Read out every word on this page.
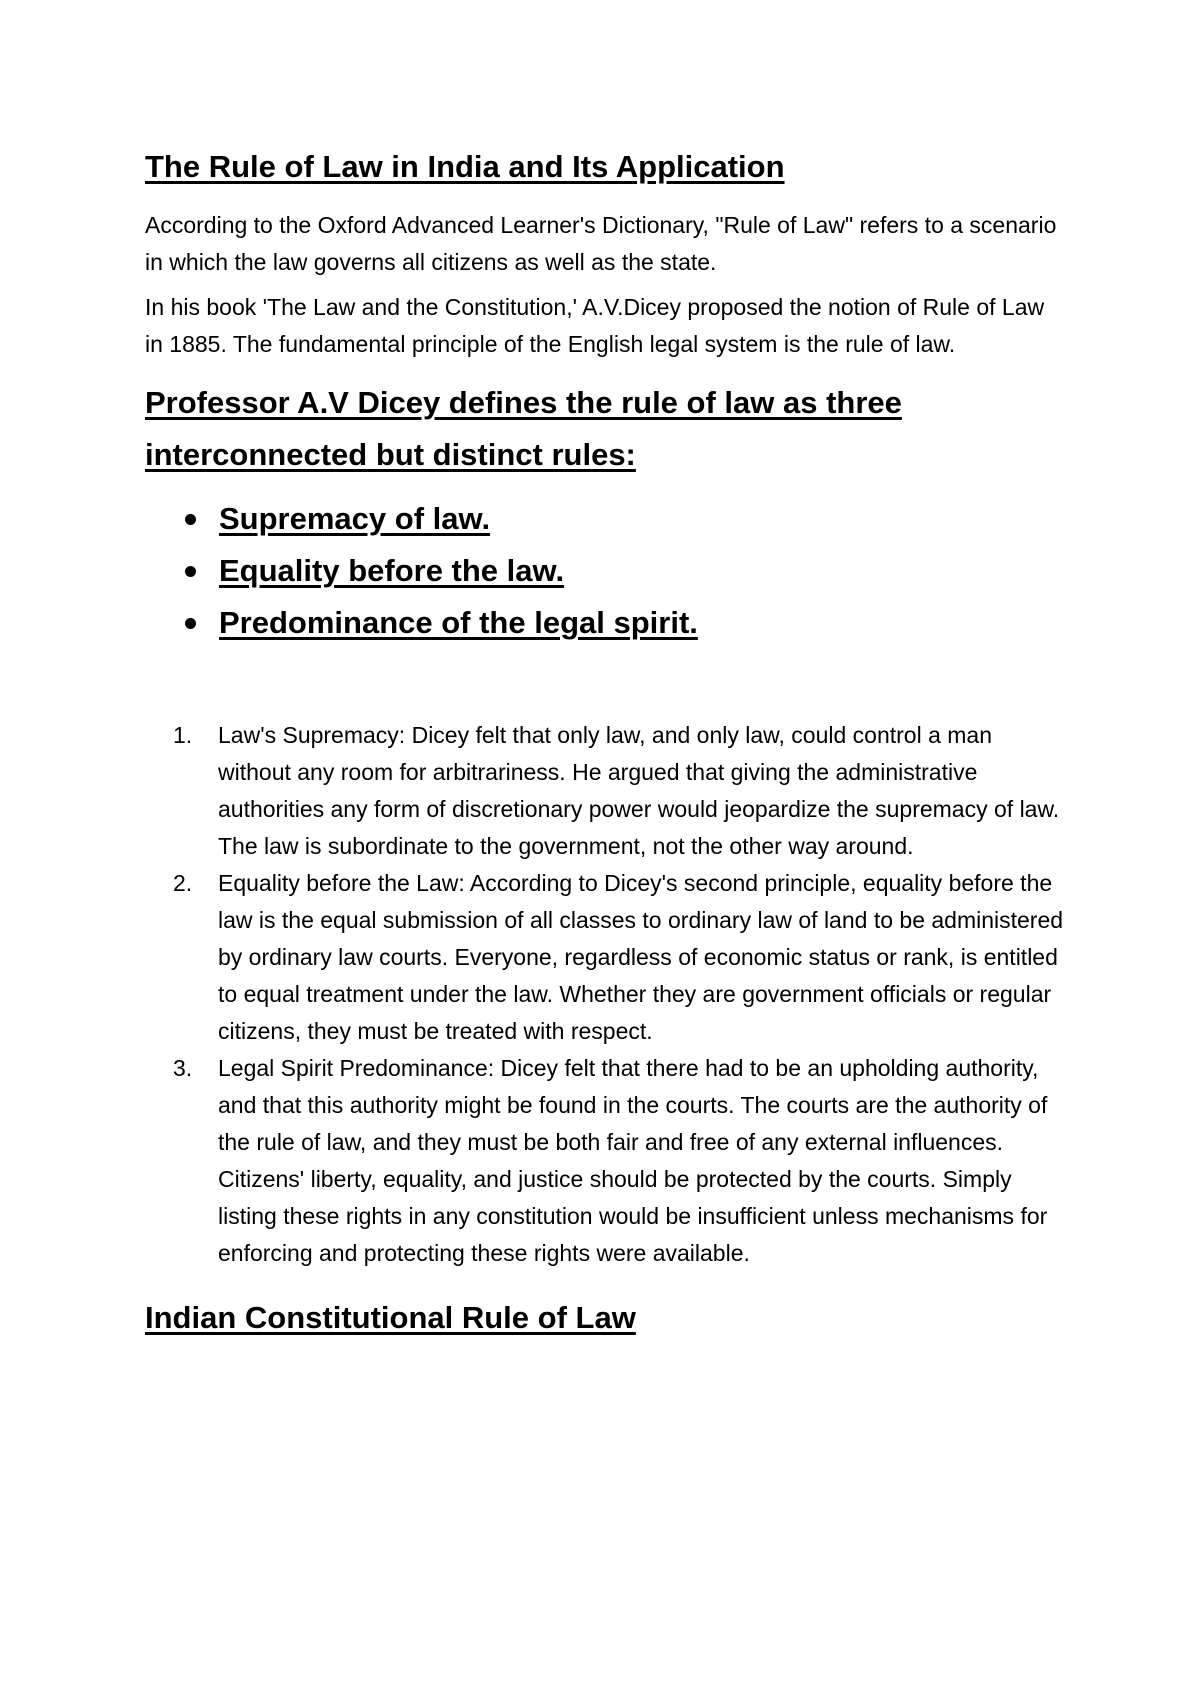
The Rule of Law in India and Its Application

According to the Oxford Advanced Learner's Dictionary, "Rule of Law" refers to a scenario in which the law governs all citizens as well as the state.

In his book 'The Law and the Constitution,' A.V.Dicey proposed the notion of Rule of Law in 1885. The fundamental principle of the English legal system is the rule of law.

Professor A.V Dicey defines the rule of law as three interconnected but distinct rules:
Supremacy of law.
Equality before the law.
Predominance of the legal spirit.
1. Law's Supremacy: Dicey felt that only law, and only law, could control a man without any room for arbitrariness. He argued that giving the administrative authorities any form of discretionary power would jeopardize the supremacy of law. The law is subordinate to the government, not the other way around.
2. Equality before the Law: According to Dicey's second principle, equality before the law is the equal submission of all classes to ordinary law of land to be administered by ordinary law courts. Everyone, regardless of economic status or rank, is entitled to equal treatment under the law. Whether they are government officials or regular citizens, they must be treated with respect.
3. Legal Spirit Predominance: Dicey felt that there had to be an upholding authority, and that this authority might be found in the courts. The courts are the authority of the rule of law, and they must be both fair and free of any external influences. Citizens' liberty, equality, and justice should be protected by the courts. Simply listing these rights in any constitution would be insufficient unless mechanisms for enforcing and protecting these rights were available.
Indian Constitutional Rule of Law
